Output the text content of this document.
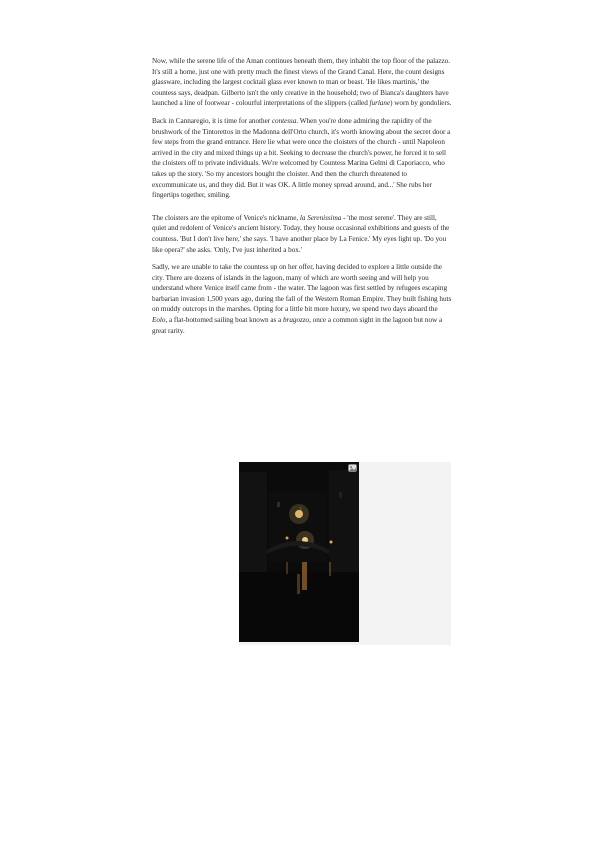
Now, while the serene life of the Aman continues beneath them, they inhabit the top floor of the palazzo. It's still a home, just one with pretty much the finest views of the Grand Canal. Here, the count designs glassware, including the largest cocktail glass ever known to man or beast. 'He likes martinis,' the countess says, deadpan. Gilberto isn't the only creative in the household; two of Bianca's daughters have launched a line of footwear - colourful interpretations of the slippers (called furlane) worn by gondoliers.

Back in Cannaregio, it is time for another contessa. When you're done admiring the rapidity of the brushwork of the Tintorettos in the Madonna dell'Orto church, it's worth knowing about the secret door a few steps from the grand entrance. Here lie what were once the cloisters of the church - until Napoleon arrived in the city and mixed things up a bit. Seeking to decrease the church's power, he forced it to sell the cloisters off to private individuals. We're welcomed by Countess Marina Gelmi di Caporiacco, who takes up the story. 'So my ancestors bought the cloister. And then the church threatened to excommunicate us, and they did. But it was OK. A little money spread around, and...' She rubs her fingertips together, smiling.

The cloisters are the epitome of Venice's nickname, la Serenissima - 'the most serene'. They are still, quiet and redolent of Venice's ancient history. Today, they house occasional exhibitions and guests of the countess. 'But I don't live here,' she says. 'I have another place by La Fenice.' My eyes light up. 'Do you like opera?' she asks. 'Only, I've just inherited a box.'

Sadly, we are unable to take the countess up on her offer, having decided to explore a little outside the city. There are dozens of islands in the lagoon, many of which are worth seeing and will help you understand where Venice itself came from - the water. The lagoon was first settled by refugees escaping barbarian invasion 1,500 years ago, during the fall of the Western Roman Empire. They built fishing huts on muddy outcrops in the marshes. Opting for a little bit more luxury, we spend two days aboard the Eolo, a flat-bottomed sailing boat known as a bragozzo, once a common sight in the lagoon but now a great rarity.
